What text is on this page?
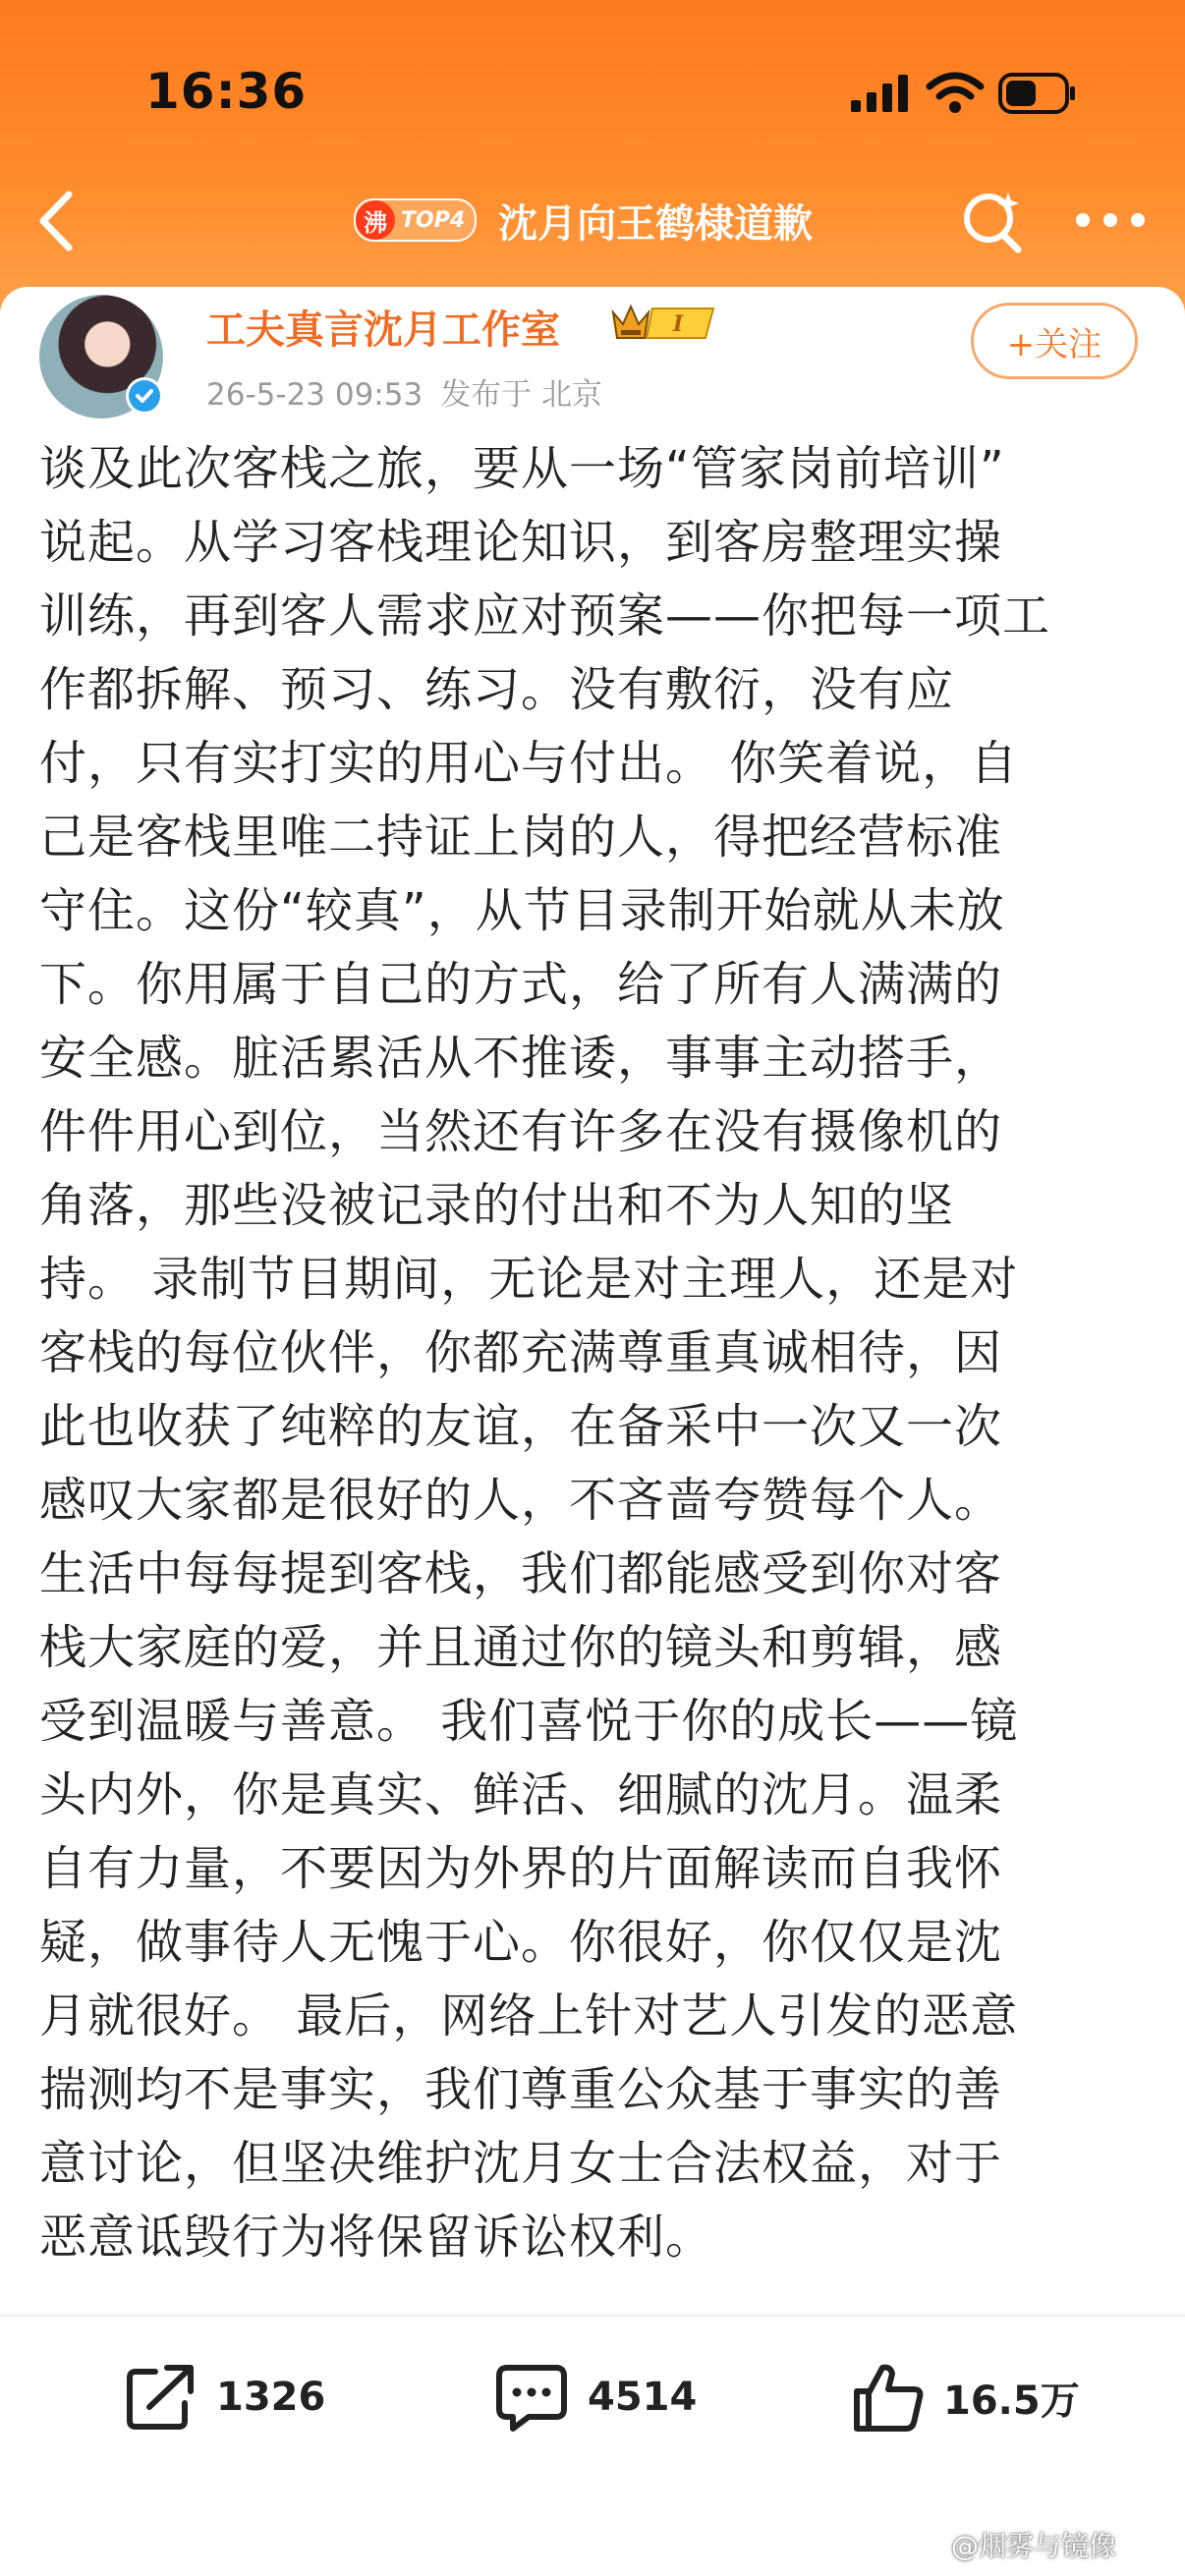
16:36
沸 TOP4 沈月向王鹤棣道歉
工夫真言沈月工作室	I
26-5-23 09:53 发布于 北京
+关注

谈及此次客栈之旅，要从一场“管家岗前培训”

说起。从学习客栈理论知识，到客房整理实操

训练，再到客人需求应对预案——你把每一项工

作都拆解、预习、练习。没有敷衍，没有应

付，只有实打实的用心与付出。 你笑着说，自

己是客栈里唯二持证上岗的人，得把经营标准

守住。这份“较真”，从节目录制开始就从未放

下。你用属于自己的方式，给了所有人满满的

安全感。脏活累活从不推诿，事事主动搭手，

件件用心到位，当然还有许多在没有摄像机的

角落，那些没被记录的付出和不为人知的坚

持。 录制节目期间，无论是对主理人，还是对

客栈的每位伙伴，你都充满尊重真诚相待，因

此也收获了纯粹的友谊，在备采中一次又一次

感叹大家都是很好的人，不吝啬夸赞每个人。

生活中每每提到客栈，我们都能感受到你对客

栈大家庭的爱，并且通过你的镜头和剪辑，感

受到温暖与善意。 我们喜悦于你的成长——镜

头内外，你是真实、鲜活、细腻的沈月。温柔

自有力量，不要因为外界的片面解读而自我怀

疑，做事待人无愧于心。你很好，你仅仅是沈

月就很好。 最后，网络上针对艺人引发的恶意

揣测均不是事实，我们尊重公众基于事实的善

意讨论，但坚决维护沈月女士合法权益，对于

恶意诋毁行为将保留诉讼权利。

1326	4514	16.5万
@烟雾与镜像
